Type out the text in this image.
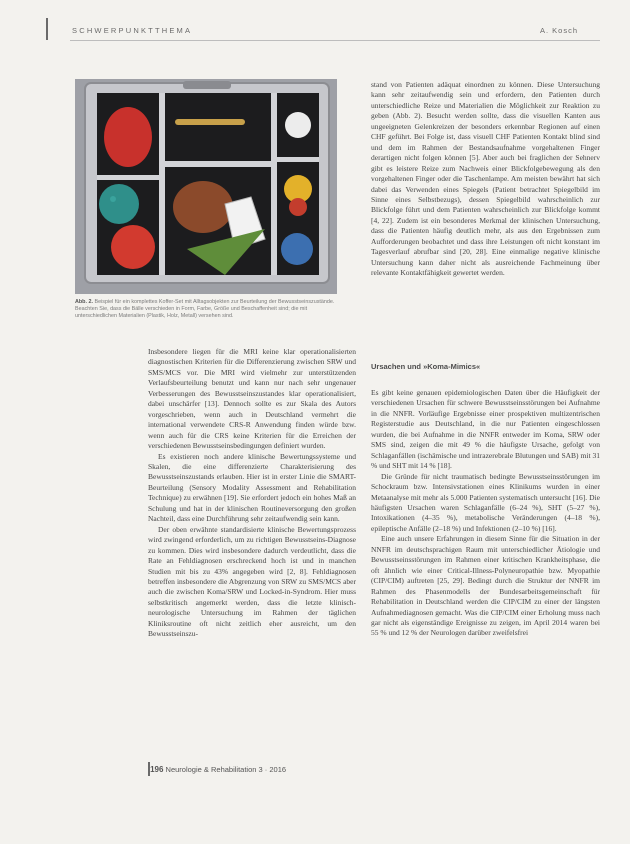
SCHWERPUNKTTHEMA	A. Kosch
Abb. 2. Beispiel für ein komplettes Koffer-Set mit Alltagsobjekten zur Beurteilung der Bewusstseinszustände. Beachten Sie, dass die Bälle verschieden in Form, Farbe, Größe und Beschaffenheit sind; die mit unterschiedlichen Materialien (Plastik, Holz, Metall) versehen sind.

Insbesondere liegen für die MRI keine klar operationalisierten diagnostischen Kriterien für die Differenzierung zwischen SRW und SMS/MCS vor. Die MRI wird vielmehr zur unterstützenden Verlaufsbeurteilung benutzt und kann nur nach sehr ungenauer Verbesserungen des Bewusstseinszustandes klar operationalisiert, dabei unschärfer [13]. Dennoch sollte es zur Skala des Autors vorgeschrieben, wenn auch in Deutschland vermehrt die international verwendete CRS-R Anwendung finden würde bzw. wenn auch für die CRS keine Kriterien für die Erreichen der verschiedenen Bewusstseinsbedingungen definiert wurden.

Es existieren noch andere klinische Bewertungssysteme und Skalen, die eine differenzierte Charakterisierung des Bewusstseinszustands erlauben. Hier ist in erster Linie die SMART-Beurteilung (Sensory Modality Assessment and Rehabilitation Technique) zu erwähnen [19]. Sie erfordert jedoch ein hohes Maß an Schulung und hat in der klinischen Routineversorgung den großen Nachteil, dass eine Durchführung sehr zeitaufwendig sein kann.

Der oben erwähnte standardisierte klinische Bewertungsprozess wird zwingend erforderlich, um zu richtigen Bewusstseins-Diagnose zu kommen. Dies wird insbesondere dadurch verdeutlicht, dass die Rate an Fehldiagnosen erschreckend hoch ist und in manchen Studien mit bis zu 43% angegeben wird [2, 8]. Fehldiagnosen betreffen insbesondere die Abgrenzung von SRW zu SMS/MCS aber auch die zwischen Koma/SRW und Locked-in-Syndrom. Hier muss selbstkritisch angemerkt werden, dass die letzte klinisch-neurologische Untersuchung im Rahmen der täglichen Kliniksroutine oft nicht zeitlich eher ausreicht, um den Bewusstseinszu-

stand von Patienten adäquat einordnen zu können. Diese Untersuchung kann sehr zeitaufwendig sein und erfordern, den Patienten durch unterschiedliche Reize und Materialien die Möglichkeit zur Reaktion zu geben (Abb. 2). Besucht werden sollte, dass die visuellen Kanten aus ungeeigneten Gelenkreizen der besonders erkennbar Regionen auf einen CHF geführt. Bei Folge ist, dass visuell CHF Patienten Kontakt blind sind und dem im Rahmen der Bestandsaufnahme vorgehaltenen Finger derartigen nicht folgen können [5]. Aber auch bei fraglichen der Sehnerv gibt es leistere Reize zum Nachweis einer Blickfolgebewegung als den vorgehaltenen Finger oder die Taschenlampe. Am meisten bewährt hat sich dabei das Verwenden eines Spiegels (Patient betrachtet Spiegelbild im Sinne eines Selbstbezugs), dessen Spiegelbild wahrscheinlich zur Blickfolge führt und dem Patienten wahrscheinlich zur Blickfolge kommt [4, 22]. Zudem ist ein besonderes Merkmal der klinischen Untersuchung, dass die Patienten häufig deutlich mehr, als aus den Ergebnissen zum Aufforderungen beobachtet und dass ihre Leistungen oft nicht konstant im Tagesverlauf abrufbar sind [20, 28]. Eine einmalige negative klinische Untersuchung kann daher nicht als ausreichende Fachmeinung über relevante Kontaktfähigkeit gewertet werden.

Ursachen und »Koma-Mimics«

Es gibt keine genauen epidemiologischen Daten über die Häufigkeit der verschiedenen Ursachen für schwere Bewusstseinsstörungen bei Aufnahme in die NNFR. Vorläufige Ergebnisse einer prospektiven multizentrischen Registerstudie aus Deutschland, in die nur Patienten eingeschlossen wurden, die bei Aufnahme in die NNFR entweder im Koma, SRW oder SMS sind, zeigen die mit 49 % die häufigste Ursache, gefolgt von Schlaganfällen (ischämische und intrazerebrale Blutungen und SAB) mit 31 % und SHT mit 14 % [18].

Die Gründe für nicht traumatisch bedingte Bewusstseinsstörungen im Schockraum bzw. Intensivstationen eines Klinikums wurden in einer Metaanalyse mit mehr als 5.000 Patienten systematisch untersucht [16]. Die häufigsten Ursachen waren Schlaganfälle (6–24 %), SHT (5–27 %), Intoxikationen (4–35 %), metabolische Veränderungen (4–18 %), epileptische Anfälle (2–18 %) und Infektionen (2–10 %) [16].

Eine auch unsere Erfahrungen in diesem Sinne für die Situation in der NNFR im deutschsprachigen Raum mit unterschiedlicher Ätiologie und Bewusstseinsstörungen im Rahmen einer kritischen Krankheitsphase, die oft ähnlich wie einer Critical-Illness-Polyneuropathie bzw. Myopathie (CIP/CIM) auftreten [25, 29]. Bedingt durch die Struktur der NNFR im Rahmen des Phasenmodells der Bundesarbeitsgemeinschaft für Rehabilitation in Deutschland werden die CIP/CIM zu einer der längsten Aufnahmediagnosen gemacht. Was die CIP/CIM einer Erholung muss nach gar nicht als eigenständige Ereignisse zu zeigen, im April 2014 waren bei 55 % und 12 % der Neurologen darüber zweifelsfrei

196 Neurologie & Rehabilitation 3 · 2016
